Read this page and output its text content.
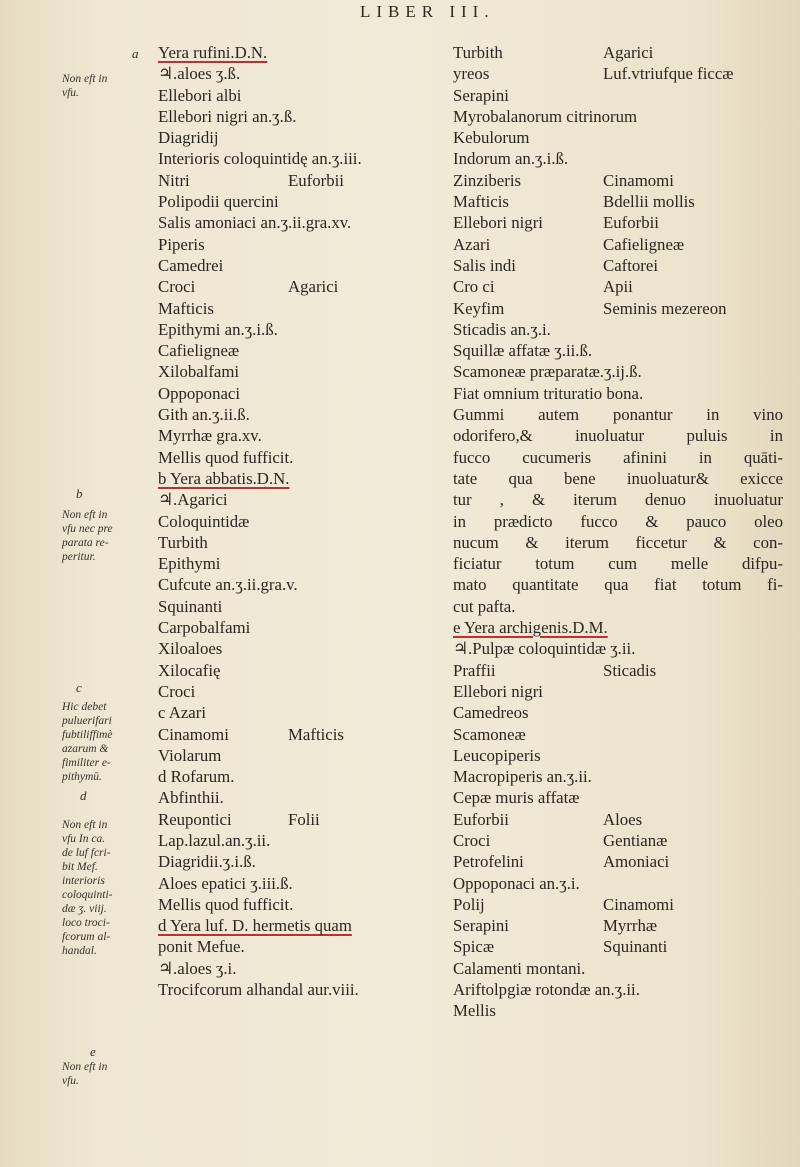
LIBER III.
a
Non eft in
vfu.
b
Non eft in
vfu nec pre
parata re-
peritur.
c
Hic debet
puluerifari
fubtiliffimè
azarum &
fimiliter e-
pithymū.
d
Non eft in
vfu In ca.
de luf fcri-
bit Mef.
interioris
coloquinti-
dæ ʒ. viij.
loco troci-
fcorum al-
handal.
e
Non eft in
vfu.
Yera rufini.D.N.
♃.aloes ʒ.ß.
Ellebori albi
Ellebori nigri an.ʒ.ß.
Diagridij
Interioris coloquintidę an.ʒ.iii.
Nitri	Euforbii
Polipodii quercini
Salis amoniaci an.ʒ.ii.gra.xv.
Piperis
Camedrei
Croci	Agarici
Mafticis
Epithymi an.ʒ.i.ß.
Cafieligneæ
Xilobalfami
Oppoponaci
Gith an.ʒ.ii.ß.
Myrrhæ gra.xv.
Mellis quod fufficit.
b Yera abbatis.D.N.
♃.Agarici
Coloquintidæ
Turbith
Epithymi
Cufcute an.ʒ.ii.gra.v.
Squinanti
Carpobalfami
Xiloaloes
Xilocafię
Croci
c Azari
Cinamomi	Mafticis
Violarum
d Rofarum.
Abfinthii.
Reupontici	Folii
Lap.lazul.an.ʒ.ii.
Diagridii.ʒ.i.ß.
Aloes epatici ʒ.iii.ß.
Mellis quod fufficit.
d Yera luf. D. hermetis quam
ponit Mefue.
♃.aloes ʒ.i.
Trocifcorum alhandal aur.viii.
Turbith	Agarici
yreos	Luf.vtriufque ficcæ
Serapini
Myrobalanorum citrinorum
Kebulorum
Indorum an.ʒ.i.ß.
Zinziberis	Cinamomi
Mafticis	Bdellii mollis
Ellebori nigri	Euforbii
Azari	Cafieligneæ
Salis indi	Caftorei
Cro ci	Apii
Keyfim	Seminis mezereon
Sticadis an.ʒ.i.
Squillæ affatæ ʒ.ii.ß.
Scamoneæ præparatæ.ʒ.ij.ß.
Fiat omnium trituratio bona.
Gummi autem ponantur in vino
odorifero,& inuoluatur puluis in
fucco cucumeris afinini in quāti-
tate qua bene inuoluatur& exicce
tur , & iterum denuo inuoluatur
in prædicto fucco & pauco oleo
nucum & iterum ficcetur & con-
ficiatur totum cum melle difpu-
mato quantitate qua fiat totum fi-
cut pafta.
e Yera archigenis.D.M.
♃.Pulpæ coloquintidæ ʒ.ii.
Praffii	Sticadis
Ellebori nigri
Camedreos
Scamoneæ
Leucopiperis
Macropiperis an.ʒ.ii.
Cepæ muris affatæ
Euforbii	Aloes
Croci	Gentianæ
Petrofelini	Amoniaci
Oppoponaci an.ʒ.i.
Polij	Cinamomi
Serapini	Myrrhæ
Spicæ	Squinanti
Calamenti montani.
Ariftolpgiæ rotondæ an.ʒ.ii.
Mellis
